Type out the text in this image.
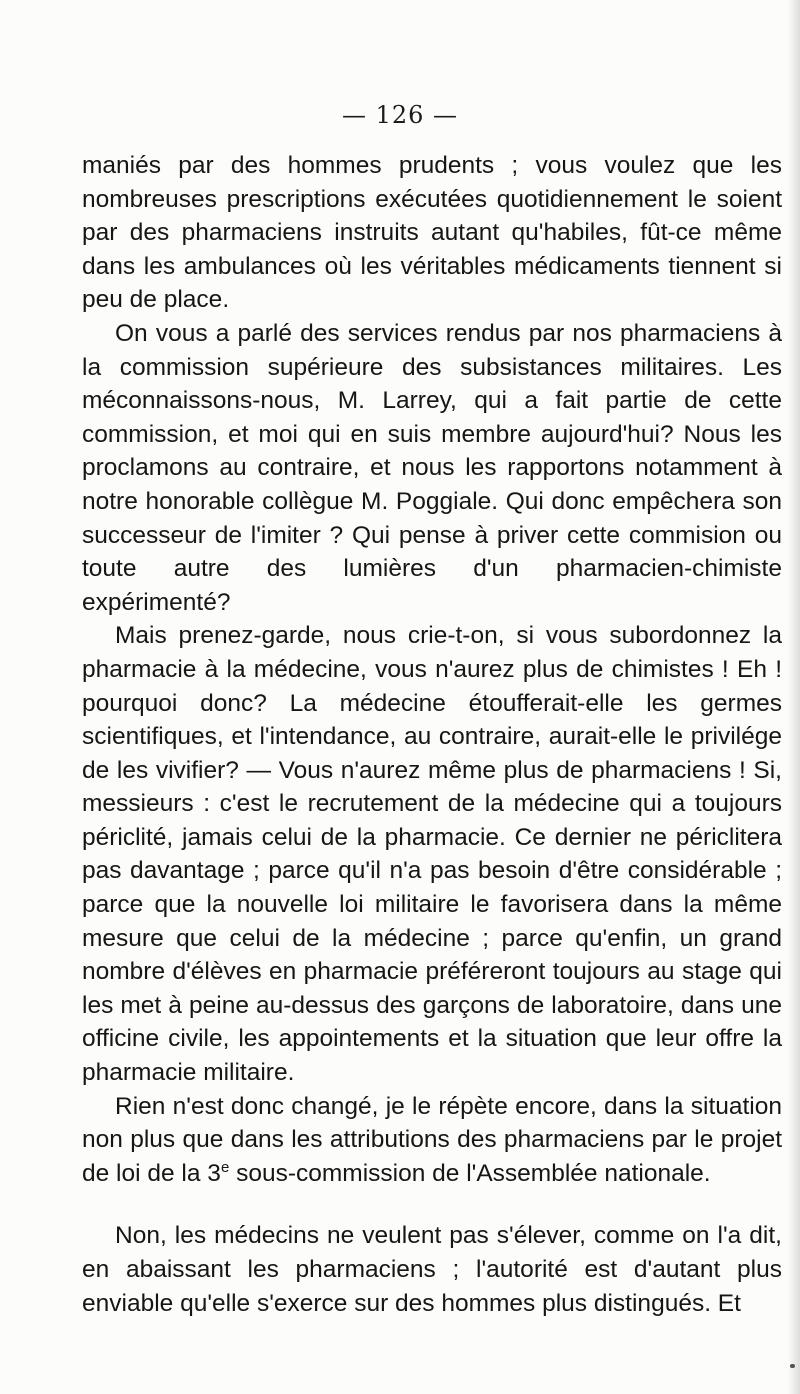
— 126 —

maniés par des hommes prudents ; vous voulez que les nombreuses prescriptions exécutées quotidiennement le soient par des pharmaciens instruits autant qu'habiles, fût-ce même dans les ambulances où les véritables médicaments tiennent si peu de place.

On vous a parlé des services rendus par nos pharmaciens à la commission supérieure des subsistances militaires. Les méconnaissons-nous, M. Larrey, qui a fait partie de cette commission, et moi qui en suis membre aujourd'hui? Nous les proclamons au contraire, et nous les rapportons notamment à notre honorable collègue M. Poggiale. Qui donc empêchera son successeur de l'imiter ? Qui pense à priver cette commision ou toute autre des lumières d'un pharmacien-chimiste expérimenté?

Mais prenez-garde, nous crie-t-on, si vous subordonnez la pharmacie à la médecine, vous n'aurez plus de chimistes ! Eh ! pourquoi donc? La médecine étoufferait-elle les germes scientifiques, et l'intendance, au contraire, aurait-elle le privilége de les vivifier? — Vous n'aurez même plus de pharmaciens ! Si, messieurs : c'est le recrutement de la médecine qui a toujours périclité, jamais celui de la pharmacie. Ce dernier ne périclitera pas davantage ; parce qu'il n'a pas besoin d'être considérable ; parce que la nouvelle loi militaire le favorisera dans la même mesure que celui de la médecine ; parce qu'enfin, un grand nombre d'élèves en pharmacie préféreront toujours au stage qui les met à peine au-dessus des garçons de laboratoire, dans une officine civile, les appointements et la situation que leur offre la pharmacie militaire.

Rien n'est donc changé, je le répète encore, dans la situation non plus que dans les attributions des pharmaciens par le projet de loi de la 3e sous-commission de l'Assemblée nationale.

Non, les médecins ne veulent pas s'élever, comme on l'a dit, en abaissant les pharmaciens ; l'autorité est d'autant plus enviable qu'elle s'exerce sur des hommes plus distingués. Et
